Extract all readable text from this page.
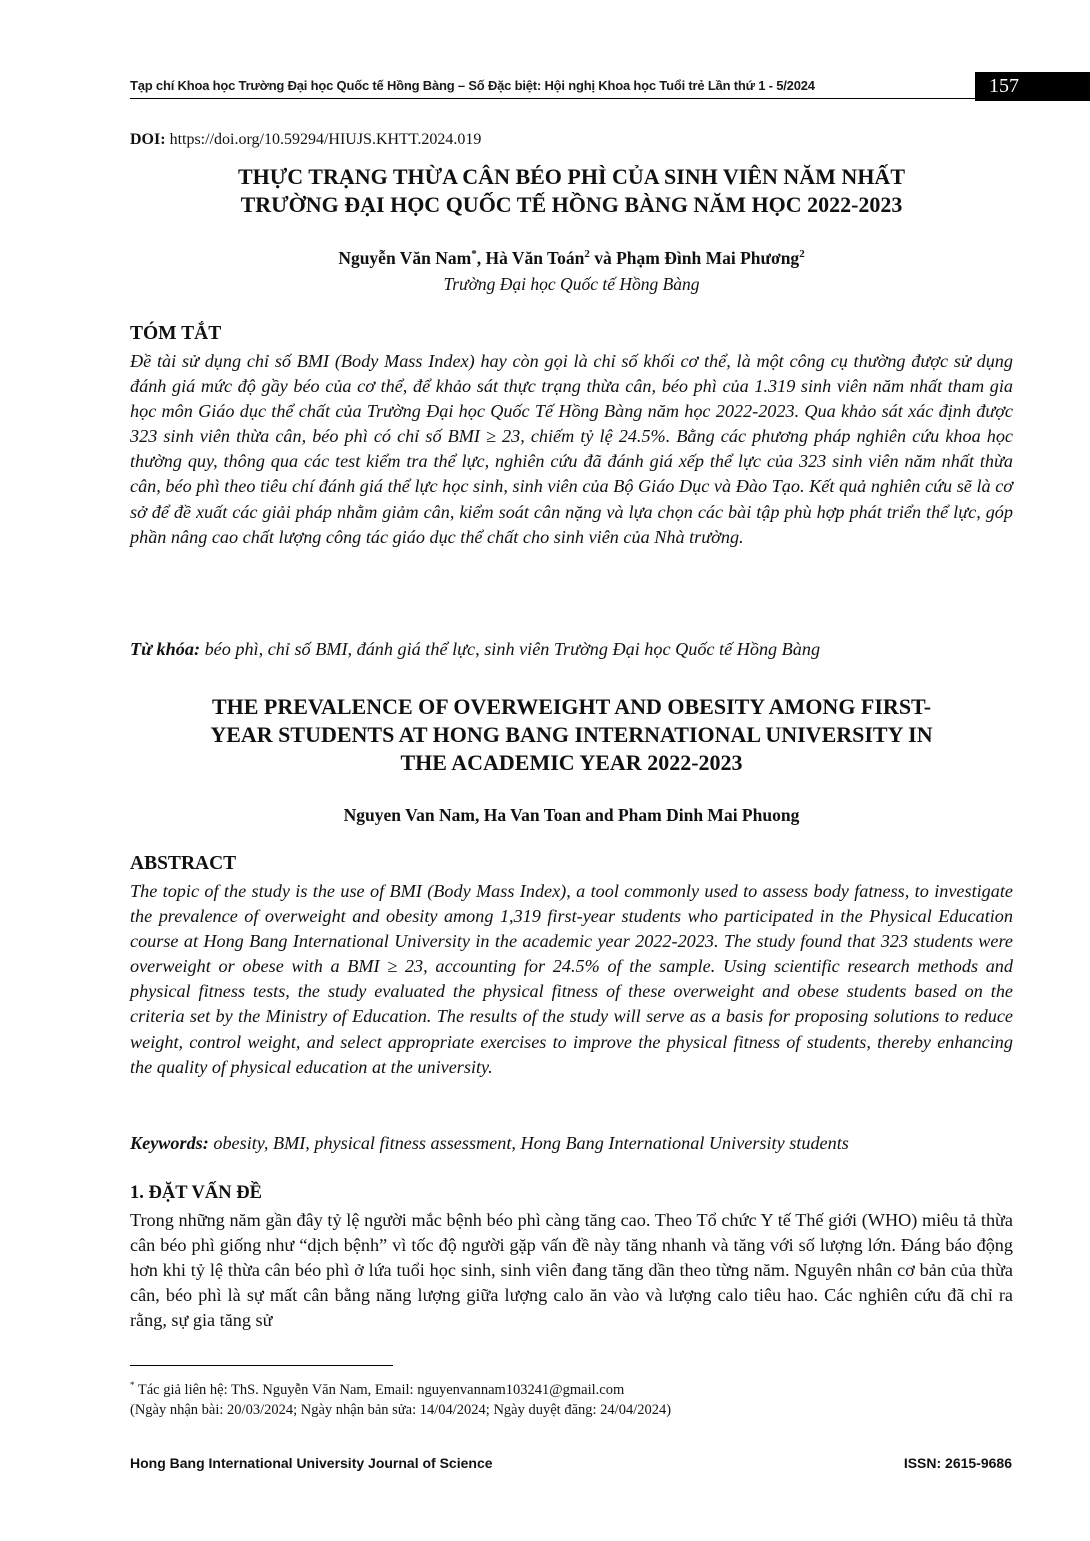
Tạp chí Khoa học Trường Đại học Quốc tế Hồng Bàng – Số Đặc biệt: Hội nghị Khoa học Tuổi trẻ Lần thứ 1 - 5/2024	157
DOI: https://doi.org/10.59294/HIUJS.KHTT.2024.019
THỰC TRẠNG THỪA CÂN BÉO PHÌ CỦA SINH VIÊN NĂM NHẤT
TRƯỜNG ĐẠI HỌC QUỐC TẾ HỒNG BÀNG NĂM HỌC 2022-2023
Nguyễn Văn Nam*, Hà Văn Toán$^2$ và Phạm Đình Mai Phương$^2$
Trường Đại học Quốc tế Hồng Bàng
TÓM TẮT
Đề tài sử dụng chỉ số BMI (Body Mass Index) hay còn gọi là chỉ số khối cơ thể, là một công cụ thường được sử dụng đánh giá mức độ gầy béo của cơ thể, để khảo sát thực trạng thừa cân, béo phì của 1.319 sinh viên năm nhất tham gia học môn Giáo dục thể chất của Trường Đại học Quốc Tế Hồng Bàng năm học 2022-2023. Qua khảo sát xác định được 323 sinh viên thừa cân, béo phì có chỉ số BMI ≥ 23, chiếm tỷ lệ 24.5%. Bằng các phương pháp nghiên cứu khoa học thường quy, thông qua các test kiểm tra thể lực, nghiên cứu đã đánh giá xếp thể lực của 323 sinh viên năm nhất thừa cân, béo phì theo tiêu chí đánh giá thể lực học sinh, sinh viên của Bộ Giáo Dục và Đào Tạo. Kết quả nghiên cứu sẽ là cơ sở để đề xuất các giải pháp nhằm giảm cân, kiểm soát cân nặng và lựa chọn các bài tập phù hợp phát triển thể lực, góp phần nâng cao chất lượng công tác giáo dục thể chất cho sinh viên của Nhà trường.
Từ khóa: béo phì, chỉ số BMI, đánh giá thể lực, sinh viên Trường Đại học Quốc tế Hồng Bàng
THE PREVALENCE OF OVERWEIGHT AND OBESITY AMONG FIRST-
YEAR STUDENTS AT HONG BANG INTERNATIONAL UNIVERSITY IN
THE ACADEMIC YEAR 2022-2023
Nguyen Van Nam, Ha Van Toan and Pham Dinh Mai Phuong
ABSTRACT
The topic of the study is the use of BMI (Body Mass Index), a tool commonly used to assess body fatness, to investigate the prevalence of overweight and obesity among 1,319 first-year students who participated in the Physical Education course at Hong Bang International University in the academic year 2022-2023. The study found that 323 students were overweight or obese with a BMI ≥ 23, accounting for 24.5% of the sample. Using scientific research methods and physical fitness tests, the study evaluated the physical fitness of these overweight and obese students based on the criteria set by the Ministry of Education. The results of the study will serve as a basis for proposing solutions to reduce weight, control weight, and select appropriate exercises to improve the physical fitness of students, thereby enhancing the quality of physical education at the university.
Keywords: obesity, BMI, physical fitness assessment, Hong Bang International University students
1. ĐẶT VẤN ĐỀ
Trong những năm gần đây tỷ lệ người mắc bệnh béo phì càng tăng cao. Theo Tổ chức Y tế Thế giới (WHO) miêu tả thừa cân béo phì giống như “dịch bệnh” vì tốc độ người gặp vấn đề này tăng nhanh và tăng với số lượng lớn. Đáng báo động hơn khi tỷ lệ thừa cân béo phì ở lứa tuổi học sinh, sinh viên đang tăng dần theo từng năm. Nguyên nhân cơ bản của thừa cân, béo phì là sự mất cân bằng năng lượng giữa lượng calo ăn vào và lượng calo tiêu hao. Các nghiên cứu đã chỉ ra rằng, sự gia tăng sử
* Tác giả liên hệ: ThS. Nguyễn Văn Nam, Email: nguyenvannam103241@gmail.com
(Ngày nhận bài: 20/03/2024; Ngày nhận bản sửa: 14/04/2024; Ngày duyệt đăng: 24/04/2024)
Hong Bang International University Journal of Science	ISSN: 2615-9686
